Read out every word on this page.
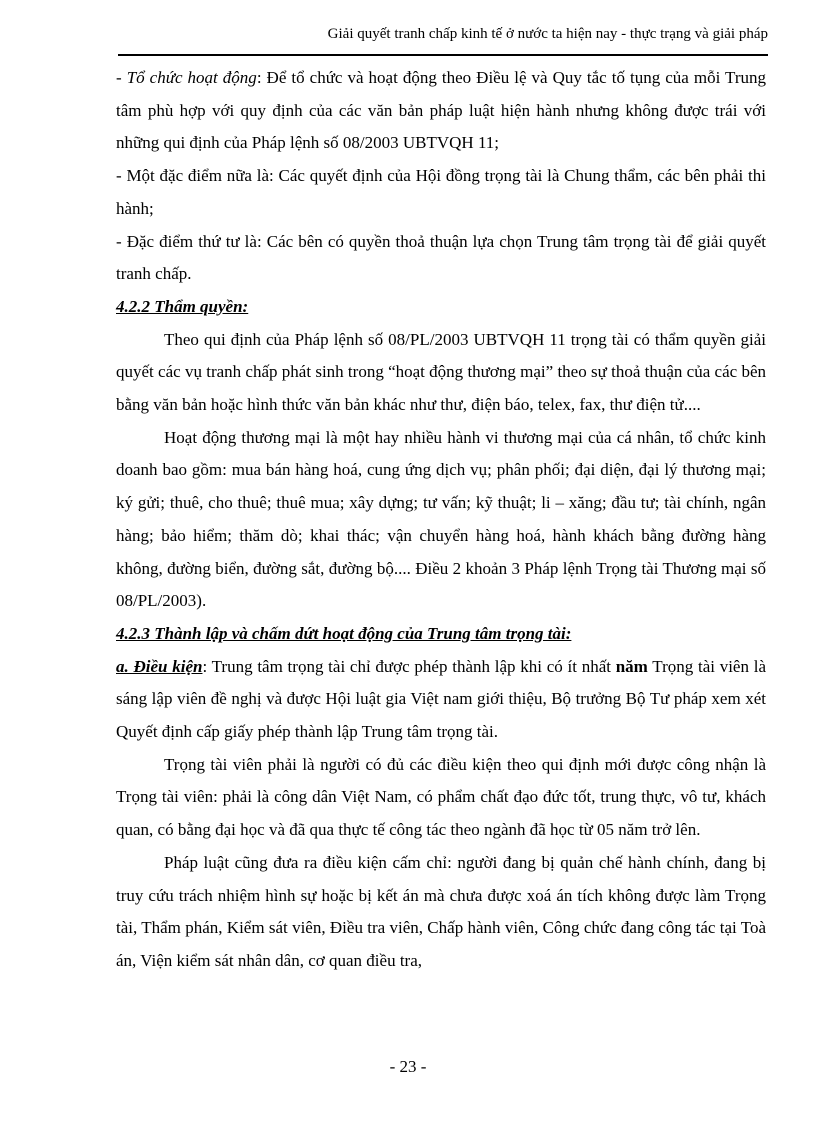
Giải quyết tranh chấp kinh tế ở nước ta hiện nay - thực trạng và giải pháp

- Tổ chức hoạt động: Để tổ chức và hoạt động theo Điều lệ và Quy tắc tố tụng của mỗi Trung tâm phù hợp với quy định của các văn bản pháp luật hiện hành nhưng không được trái với những qui định của Pháp lệnh số 08/2003 UBTVQH 11;

- Một đặc điểm nữa là: Các quyết định của Hội đồng trọng tài là Chung thẩm, các bên phải thi hành;

- Đặc điểm thứ tư là: Các bên có quyền thoả thuận lựa chọn Trung tâm trọng tài để giải quyết tranh chấp.

4.2.2 Thẩm quyền:

Theo qui định của Pháp lệnh số 08/PL/2003 UBTVQH 11 trọng tài có thẩm quyền giải quyết các vụ tranh chấp phát sinh trong “hoạt động thương mại” theo sự thoả thuận của các bên bằng văn bản hoặc hình thức văn bản khác như thư, điện báo, telex, fax, thư điện tử....

Hoạt động thương mại là một hay nhiều hành vi thương mại của cá nhân, tổ chức kinh doanh bao gồm: mua bán hàng hoá, cung ứng dịch vụ; phân phối; đại diện, đại lý thương mại; ký gửi; thuê, cho thuê; thuê mua; xây dựng; tư vấn; kỹ thuật; li – xăng; đầu tư; tài chính, ngân hàng; bảo hiểm; thăm dò; khai thác; vận chuyển hàng hoá, hành khách bằng đường hàng không, đường biển, đường sắt, đường bộ.... Điều 2 khoản 3 Pháp lệnh Trọng tài Thương mại số 08/PL/2003).

4.2.3 Thành lập và chấm dứt hoạt động của Trung tâm trọng tài:

a. Điều kiện: Trung tâm trọng tài chỉ được phép thành lập khi có ít nhất năm Trọng tài viên là sáng lập viên đề nghị và được Hội luật gia Việt nam giới thiệu, Bộ trưởng Bộ Tư pháp xem xét Quyết định cấp giấy phép thành lập Trung tâm trọng tài.

Trọng tài viên phải là người có đủ các điều kiện theo qui định mới được công nhận là Trọng tài viên: phải là công dân Việt Nam, có phẩm chất đạo đức tốt, trung thực, vô tư, khách quan, có bằng đại học và đã qua thực tế công tác theo ngành đã học từ 05 năm trở lên.

Pháp luật cũng đưa ra điều kiện cấm chỉ: người đang bị quản chế hành chính, đang bị truy cứu trách nhiệm hình sự hoặc bị kết án mà chưa được xoá án tích không được làm Trọng tài, Thẩm phán, Kiểm sát viên, Điều tra viên, Chấp hành viên, Công chức đang công tác tại Toà án, Viện kiểm sát nhân dân, cơ quan điều tra,

- 23 -
